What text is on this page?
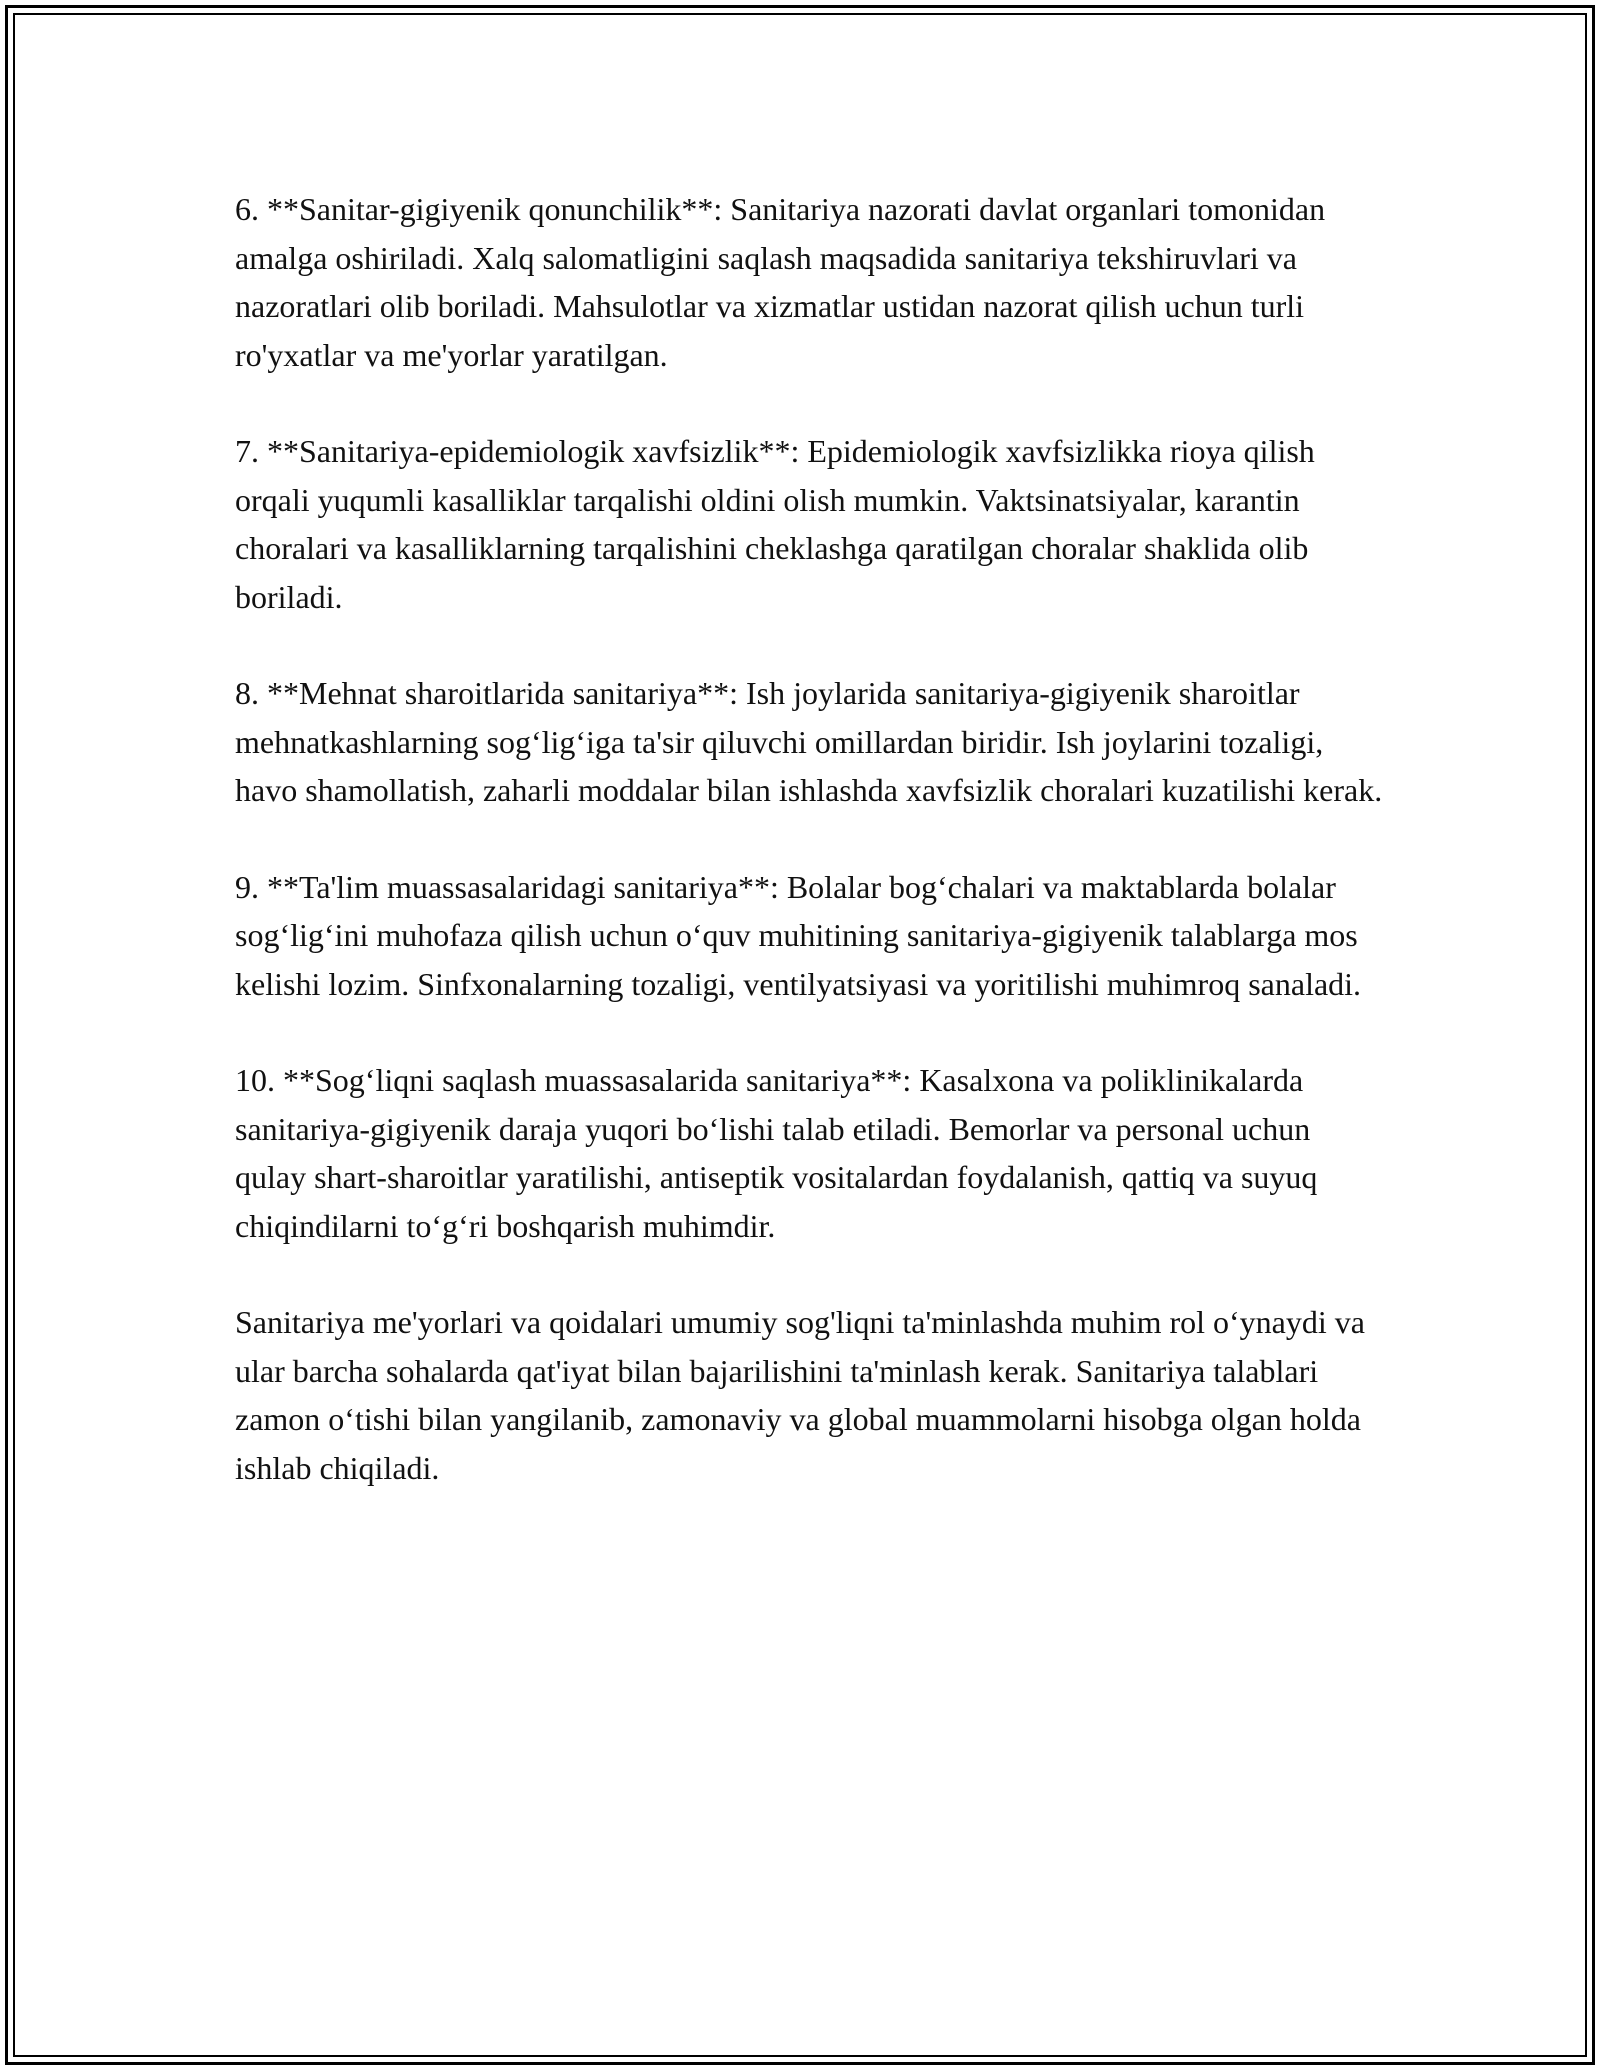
6. **Sanitar-gigiyenik qonunchilik**: Sanitariya nazorati davlat organlari tomonidan amalga oshiriladi. Xalq salomatligini saqlash maqsadida sanitariya tekshiruvlari va nazoratlari olib boriladi. Mahsulotlar va xizmatlar ustidan nazorat qilish uchun turli ro'yxatlar va me'yorlar yaratilgan.

7. **Sanitariya-epidemiologik xavfsizlik**: Epidemiologik xavfsizlikka rioya qilish orqali yuqumli kasalliklar tarqalishi oldini olish mumkin. Vaktsinatsiyalar, karantin choralari va kasalliklarning tarqalishini cheklashga qaratilgan choralar shaklida olib boriladi.

8. **Mehnat sharoitlarida sanitariya**: Ish joylarida sanitariya-gigiyenik sharoitlar mehnatkashlarning sog‘lig‘iga ta'sir qiluvchi omillardan biridir. Ish joylarini tozaligi, havo shamollatish, zaharli moddalar bilan ishlashda xavfsizlik choralari kuzatilishi kerak.

9. **Ta'lim muassasalaridagi sanitariya**: Bolalar bog‘chalari va maktablarda bolalar sog‘lig‘ini muhofaza qilish uchun o‘quv muhitining sanitariya-gigiyenik talablarga mos kelishi lozim. Sinfxonalarning tozaligi, ventilyatsiyasi va yoritilishi muhimroq sanaladi.

10. **Sog‘liqni saqlash muassasalarida sanitariya**: Kasalxona va poliklinikalarda sanitariya-gigiyenik daraja yuqori bo‘lishi talab etiladi. Bemorlar va personal uchun qulay shart-sharoitlar yaratilishi, antiseptik vositalardan foydalanish, qattiq va suyuq chiqindilarni to‘g‘ri boshqarish muhimdir.

Sanitariya me'yorlari va qoidalari umumiy sog'liqni ta'minlashda muhim rol o‘ynaydi va ular barcha sohalarda qat'iyat bilan bajarilishini ta'minlash kerak. Sanitariya talablari zamon o‘tishi bilan yangilanib, zamonaviy va global muammolarni hisobga olgan holda ishlab chiqiladi.
